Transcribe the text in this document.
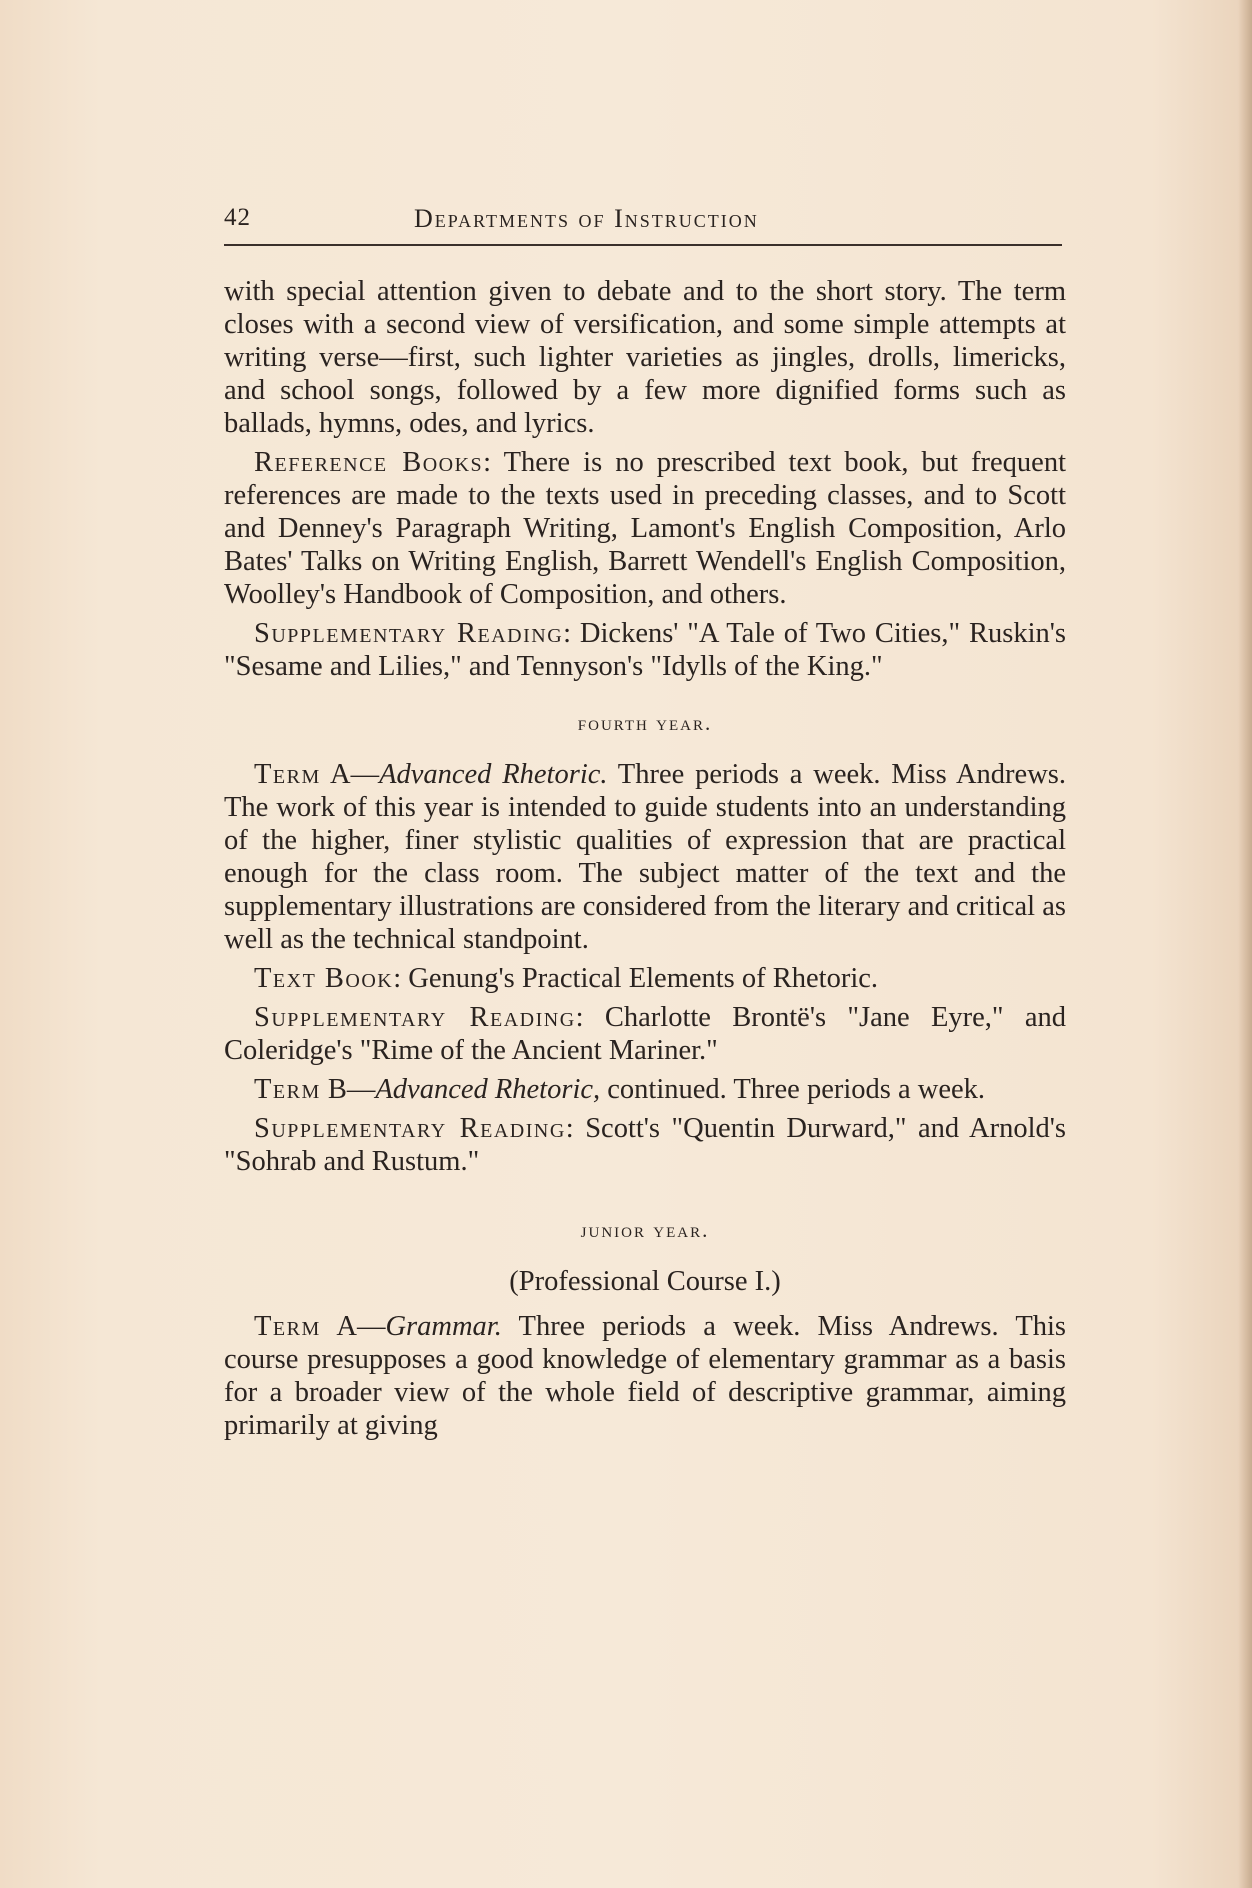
42	Departments of Instruction

with special attention given to debate and to the short story. The term closes with a second view of versification, and some simple attempts at writing verse—first, such lighter varieties as jingles, drolls, limericks, and school songs, followed by a few more dignified forms such as ballads, hymns, odes, and lyrics.

Reference Books: There is no prescribed text book, but frequent references are made to the texts used in preceding classes, and to Scott and Denney's Paragraph Writing, Lamont's English Composition, Arlo Bates' Talks on Writing English, Barrett Wendell's English Composition, Woolley's Handbook of Composition, and others.

Supplementary Reading: Dickens' "A Tale of Two Cities," Ruskin's "Sesame and Lilies," and Tennyson's "Idylls of the King."

fourth year.

Term A—Advanced Rhetoric. Three periods a week. Miss Andrews. The work of this year is intended to guide students into an understanding of the higher, finer stylistic qualities of expression that are practical enough for the class room. The subject matter of the text and the supplementary illustrations are considered from the literary and critical as well as the technical standpoint.

Text Book: Genung's Practical Elements of Rhetoric.

Supplementary Reading: Charlotte Brontë's "Jane Eyre," and Coleridge's "Rime of the Ancient Mariner."

Term B—Advanced Rhetoric, continued. Three periods a week.

Supplementary Reading: Scott's "Quentin Durward," and Arnold's "Sohrab and Rustum."

junior year.
(Professional Course I.)

Term A—Grammar. Three periods a week. Miss Andrews. This course presupposes a good knowledge of elementary grammar as a basis for a broader view of the whole field of descriptive grammar, aiming primarily at giving
